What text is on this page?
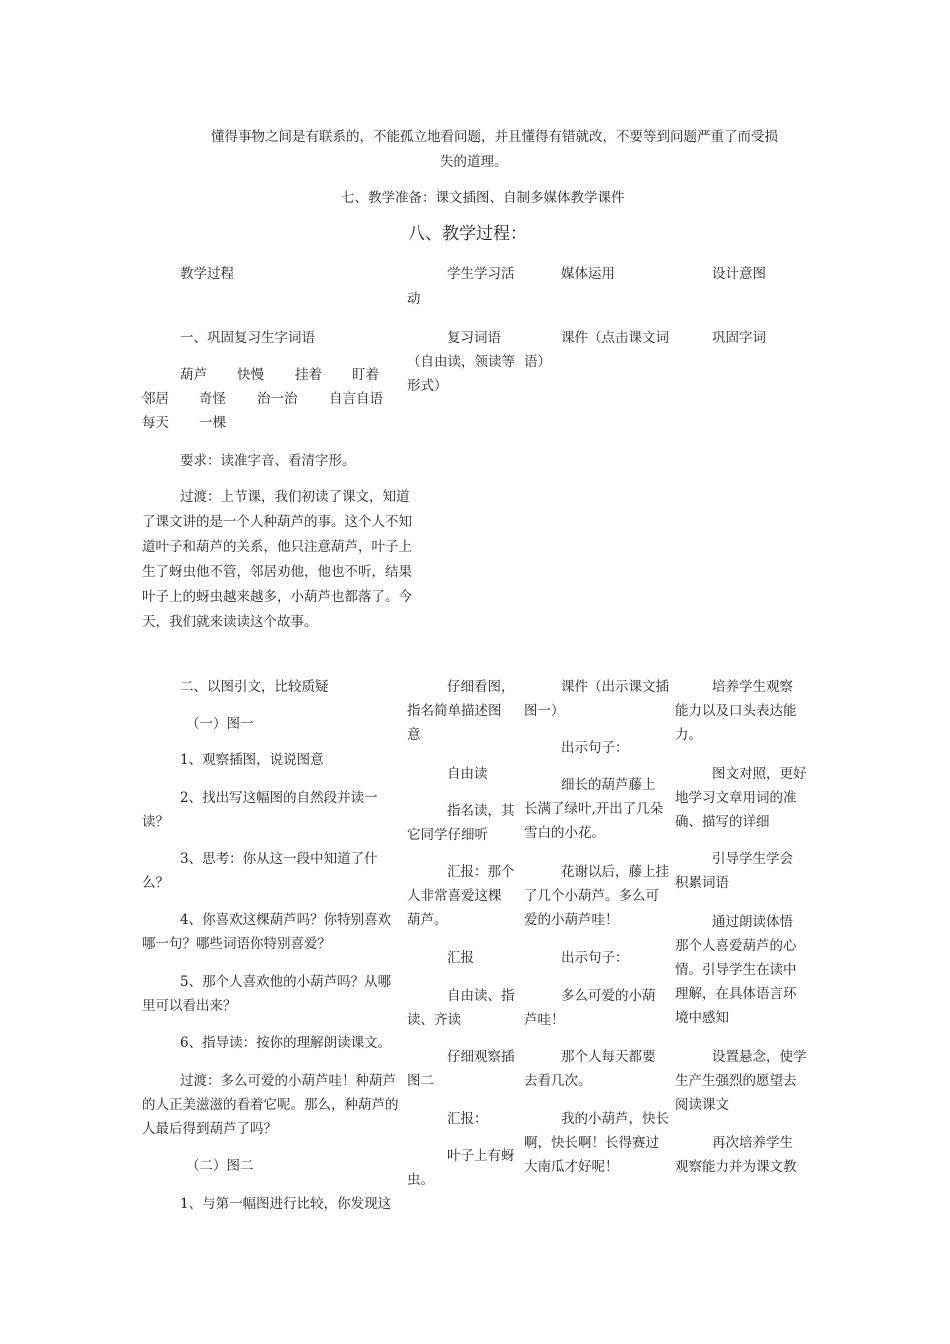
懂得事物之间是有联系的，不能孤立地看问题，并且懂得有错就改，不要等到问题严重了而受损
失的道理。
七、教学准备：课文插图、自制多媒体教学课件
八、教学过程：
教学过程	学生学习活
动
媒体运用	设计意图
一、巩固复习生字词语
葫芦 快慢 挂着 盯着
邻居 奇怪 治一治 自言自语
每天 一棵
要求：读准字音、看清字形。
过渡：上节课，我们初读了课文，知道了课文讲的是一个人种葫芦的事。这个人不知道叶子和葫芦的关系，他只注意葫芦，叶子上生了蚜虫他不管，邻居劝他，他也不听，结果叶子上的蚜虫越来越多，小葫芦也都落了。今天，我们就来读读这个故事。
复习词语
（自由读，领读等
形式）
课件（点击课文词
语）
巩固字词
二、以图引文，比较质疑
（一）图一
1、观察插图，说说图意
2、找出写这幅图的自然段并读一
读？
3、思考：你从这一段中知道了什
么？
4、你喜欢这棵葫芦吗？你特别喜欢
哪一句？哪些词语你特别喜爱？
5、那个人喜欢他的小葫芦吗？从哪
里可以看出来？
6、指导读：按你的理解朗读课文。
过渡：多么可爱的小葫芦哇！种葫芦
的人正美滋滋的看着它呢。那么，种葫芦的
人最后得到葫芦了吗？
（二）图二
1、与第一幅图进行比较，你发现这
仔细看图，
指名简单描述图
意
自由读
指名读，其
它同学仔细听
汇报：那个
人非常喜爱这棵
葫芦。
汇报
自由读、指
读、齐读
仔细观察插
图二
汇报：
叶子上有蚜
虫。
课件（出示课文插
图一）
出示句子：
细长的葫芦藤上
长满了绿叶,开出了几朵
雪白的小花。
花谢以后，藤上挂
了几个小葫芦。多么可
爱的小葫芦哇！
出示句子：
多么可爱的小葫
芦哇！
那个人每天都要
去看几次。
我的小葫芦，快长
啊，快长啊！长得赛过
大南瓜才好呢！
培养学生观察
能力以及口头表达能
力。
图文对照，更好
地学习文章用词的准
确、描写的详细
引导学生学会
积累词语
通过朗读体悟
那个人喜爱葫芦的心
情。引导学生在读中
理解，在具体语言环
境中感知
设置悬念，使学
生产生强烈的愿望去
阅读课文
再次培养学生
观察能力并为课文教
